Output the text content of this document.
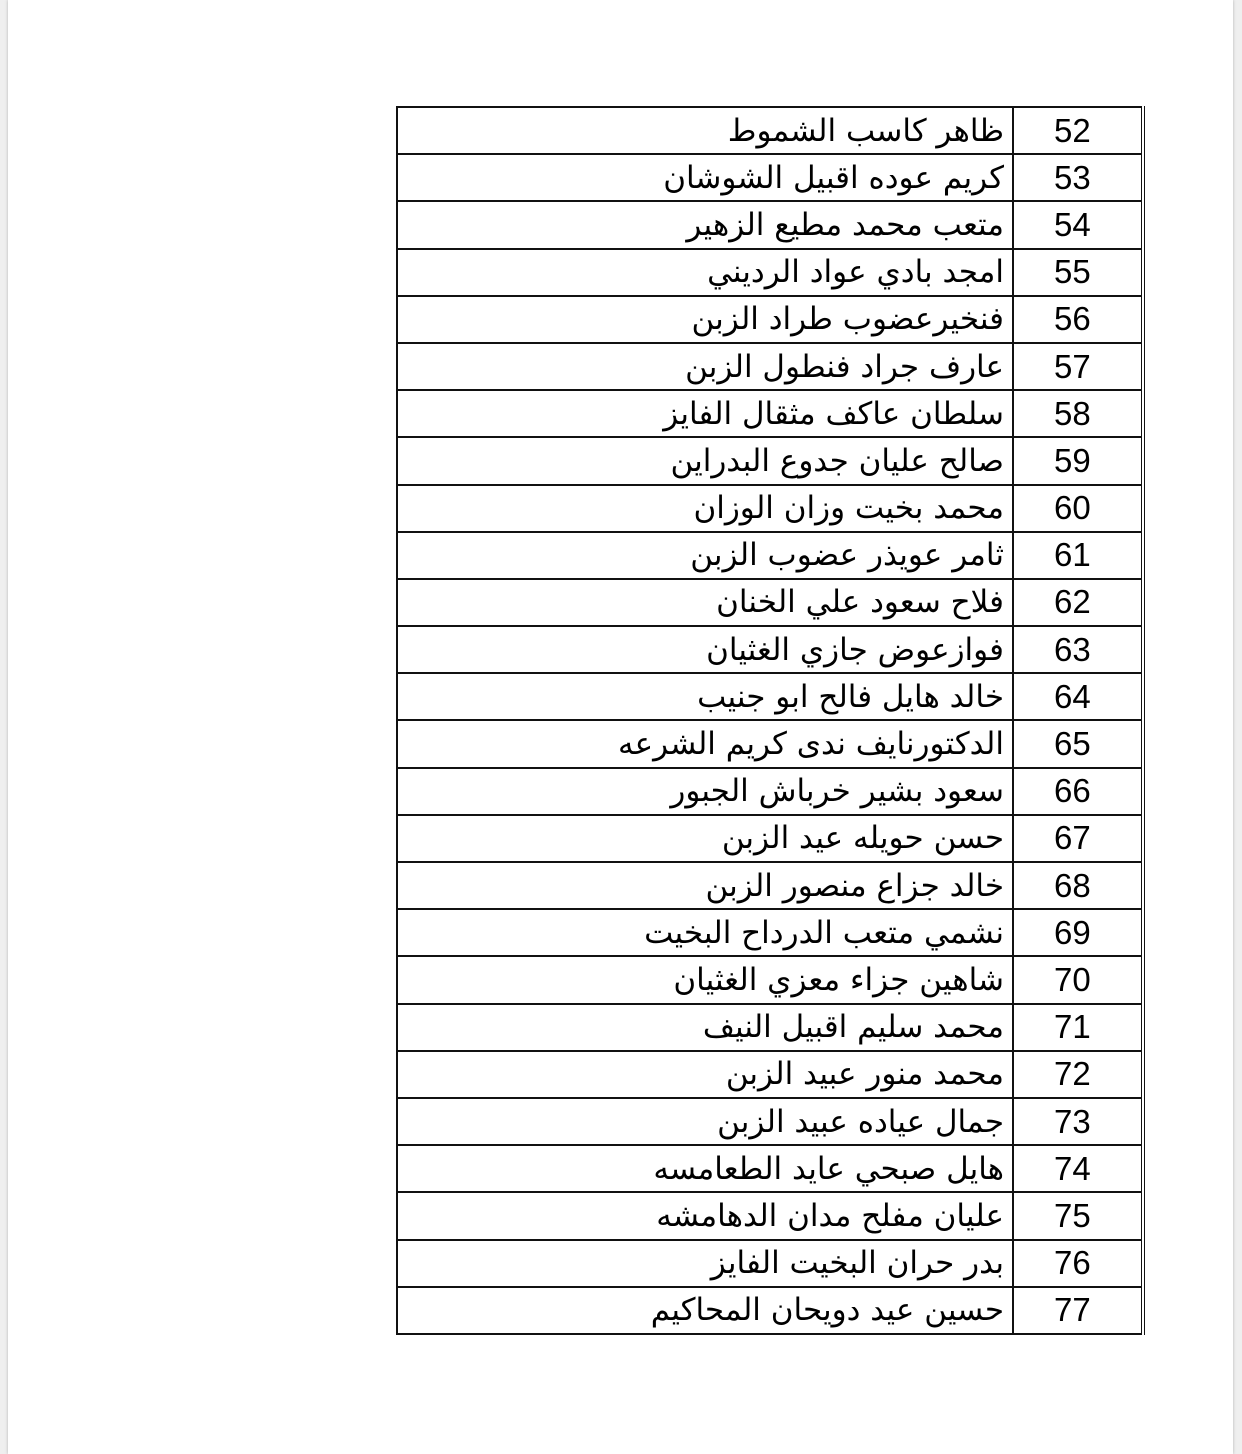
ظاهر كاسب الشموط	52
كريم عوده اقبيل الشوشان	53
متعب محمد مطيع الزهير	54
امجد بادي عواد الرديني	55
فنخيرعضوب طراد الزبن	56
عارف جراد فنطول الزبن	57
سلطان عاكف مثقال الفايز	58
صالح عليان جدوع البدراين	59
محمد بخيت وزان الوزان	60
ثامر عويذر عضوب الزبن	61
فلاح سعود علي الخنان	62
فوازعوض جازي الغثيان	63
خالد هايل فالح ابو جنيب	64
الدكتورنايف ندى كريم الشرعه	65
سعود بشير خرباش الجبور	66
حسن حويله عيد الزبن	67
خالد جزاع منصور الزبن	68
نشمي متعب الدرداح البخيت	69
شاهين جزاء معزي الغثيان	70
محمد سليم اقبيل النيف	71
محمد منور عبيد الزبن	72
جمال عياده عبيد الزبن	73
هايل صبحي عايد الطعامسه	74
عليان مفلح مدان الدهامشه	75
بدر حران البخيت الفايز	76
حسين عيد دويحان المحاكيم	77
